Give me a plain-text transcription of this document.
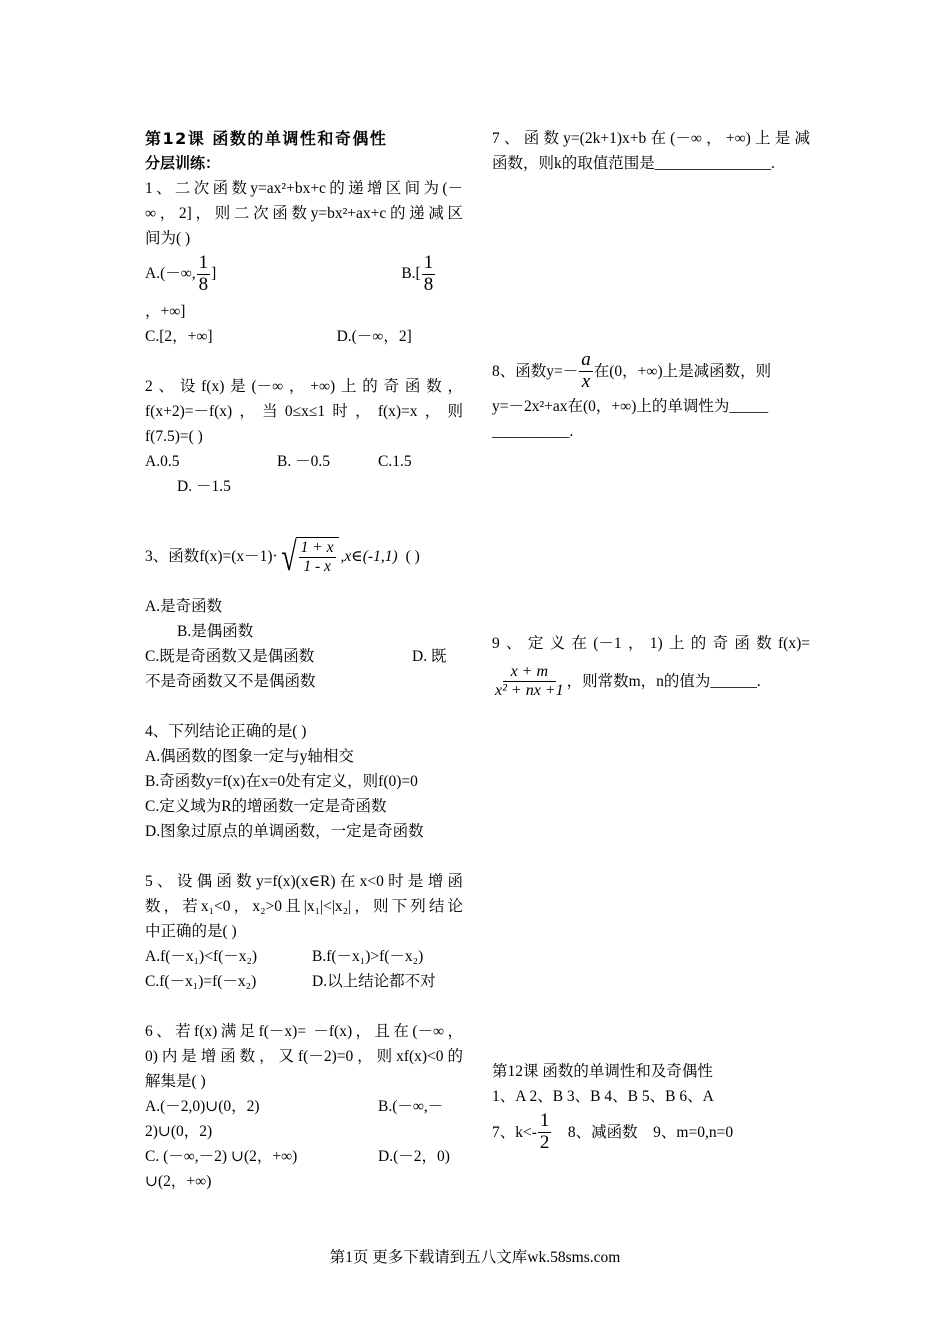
第12课 函数的单调性和奇偶性

分层训练：

1、二次函数y=ax²+bx+c的递增区间为(－

∞，2]，则二次函数y=bx²+ax+c的递减区

间为( )

A.(－∞, $\frac{1}{8}$ ]	$B.[ \frac{1}{8}$

，+∞]

C.[2，+∞]	D.(－∞，2]

2、设f(x)是(－∞，+∞)上的奇函数，

f(x+2)=－f(x)，当0≤x≤1时，f(x)=x，则

f(7.5)=( )

A.0.5	B. －0.5	C.1.5

D. －1.5

3、函数f(x)=(x－1)· √ $\frac{1 + x}{1 - x}$ ,x∈(-1,1) ( )

A.是奇函数

B.是偶函数

C.既是奇函数又是偶函数	D. 既

不是奇函数又不是偶函数

4、下列结论正确的是( )

A.偶函数的图象一定与y轴相交

B.奇函数y=f(x)在x=0处有定义，则f(0)=0

C.定义域为R的增函数一定是奇函数

D.图象过原点的单调函数，一定是奇函数

5、设偶函数y=f(x)(x∈R)在x<0时是增函

数，若x₁<0，x₂>0且|x₁|<|x₂|，则下列结论

中正确的是( )

A.f(－x₁)<f(－x₂)	B.f(－x₁)>f(－x₂)
C.f(－x₁)=f(－x₂)	D.以上结论都不对

6、若f(x)满足f(－x)= －f(x)，且在(－∞，

0)内是增函数，又f(－2)=0，则xf(x)<0的

解集是( )

A.(－2,0)∪(0，2)	B.(－∞,－

2)∪(0，2)

C. (－∞,－2) ∪(2，+∞)	D.(－2，0)

∪(2，+∞)

7、函数y=(2k+1)x+b在(－∞，+∞)上是减

函数，则k的取值范围是_______________.

8、函数$y=- \frac{a}{x}$ 在(0，+∞)上是减函数，则

y=－2x²+ax在(0，+∞)上的单调性为_____

__________.

9、定义在(－1，1)上的奇函数f(x)=

$\frac{x + m}{\text{x² + nx +1}}$ ，则常数m，n的值为______.

第12课 函数的单调性和及奇偶性

1、A 2、B 3、B 4、B 5、B 6、A

7、$k<- \frac{1}{2} 8$、减函数    9、m=0,n=0
第1页 更多下载请到五八文库wk.58sms.com
